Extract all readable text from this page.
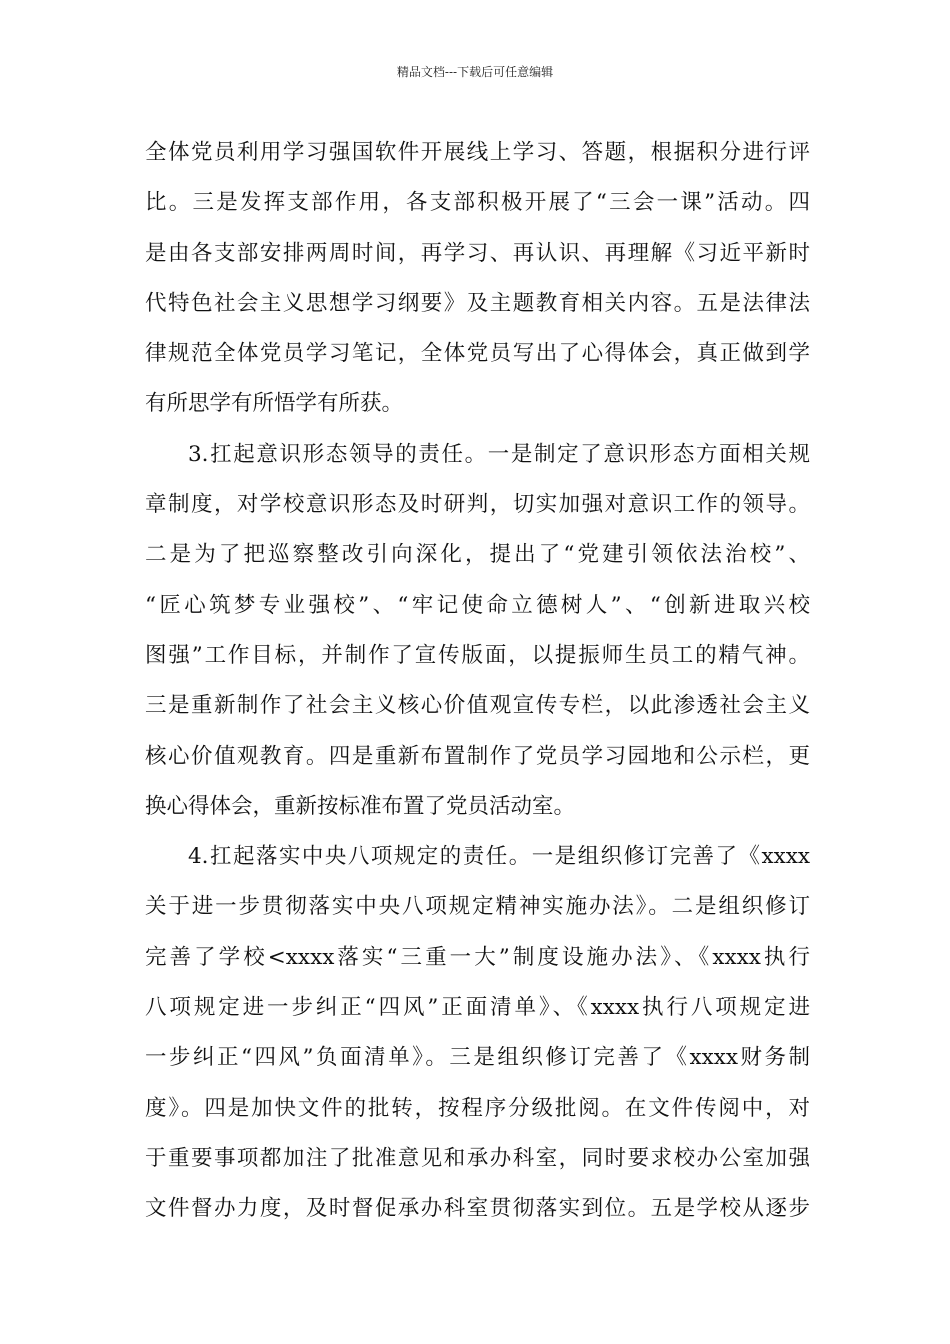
精品文档---下载后可任意编辑
全体党员利用学习强国软件开展线上学习、答题，根据积分进行评
比。三是发挥支部作用，各支部积极开展了“三会一课”活动。四
是由各支部安排两周时间，再学习、再认识、再理解《习近平新时
代特色社会主义思想学习纲要》及主题教育相关内容。五是法律法
律规范全体党员学习笔记，全体党员写出了心得体会，真正做到学
有所思学有所悟学有所获。
3.扛起意识形态领导的责任。一是制定了意识形态方面相关规
章制度，对学校意识形态及时研判，切实加强对意识工作的领导。
二是为了把巡察整改引向深化，提出了“党建引领依法治校”、
“匠心筑梦专业强校”、“牢记使命立德树人”、“创新进取兴校
图强”工作目标，并制作了宣传版面，以提振师生员工的精气神。
三是重新制作了社会主义核心价值观宣传专栏，以此渗透社会主义
核心价值观教育。四是重新布置制作了党员学习园地和公示栏，更
换心得体会，重新按标准布置了党员活动室。
4.扛起落实中央八项规定的责任。一是组织修订完善了《xxxx
关于进一步贯彻落实中央八项规定精神实施办法》。二是组织修订
完善了学校<xxxx落实“三重一大”制度设施办法》、《xxxx执行
八项规定进一步纠正“四风”正面清单》、《xxxx执行八项规定进
一步纠正“四风”负面清单》。三是组织修订完善了《xxxx财务制
度》。四是加快文件的批转，按程序分级批阅。在文件传阅中，对
于重要事项都加注了批准意见和承办科室，同时要求校办公室加强
文件督办力度，及时督促承办科室贯彻落实到位。五是学校从逐步
